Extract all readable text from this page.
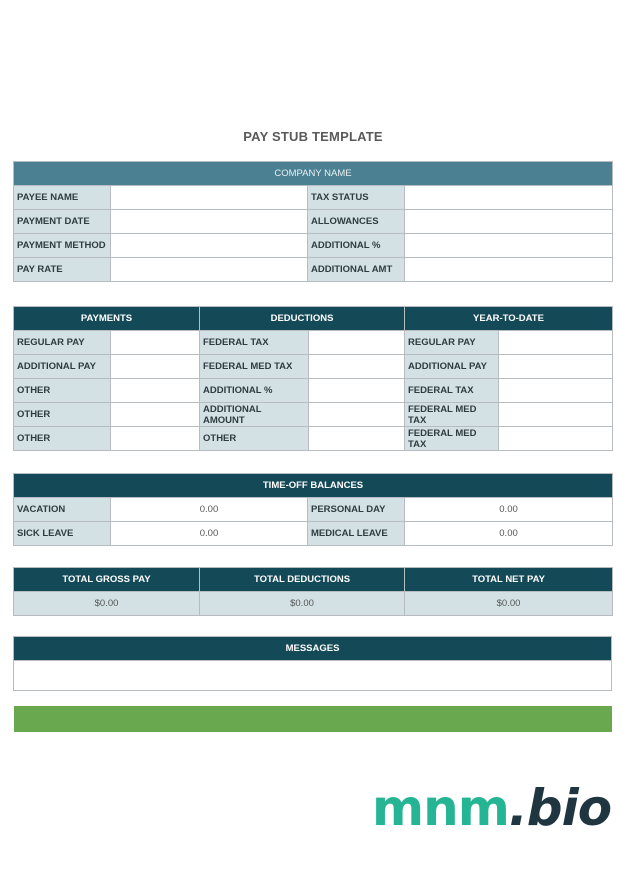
PAY STUB TEMPLATE
COMPANY NAME			
PAYEE NAME		TAX STATUS	
PAYMENT DATE		ALLOWANCES	
PAYMENT METHOD		ADDITIONAL %	
PAY RATE		ADDITIONAL AMT	
PAYMENTS		DEDUCTIONS		YEAR-TO-DATE	
REGULAR PAY		FEDERAL TAX		REGULAR PAY	
ADDITIONAL PAY		FEDERAL MED TAX		ADDITIONAL PAY	
OTHER		ADDITIONAL %		FEDERAL TAX	
OTHER		ADDITIONAL AMOUNT		FEDERAL MED TAX	
OTHER		OTHER		FEDERAL MED TAX	
TIME-OFF BALANCES			
VACATION	0.00	PERSONAL DAY	0.00
SICK LEAVE	0.00	MEDICAL LEAVE	0.00
TOTAL GROSS PAY	TOTAL DEDUCTIONS	TOTAL NET PAY
$0.00	$0.00	$0.00
MESSAGES

mnm.bio
